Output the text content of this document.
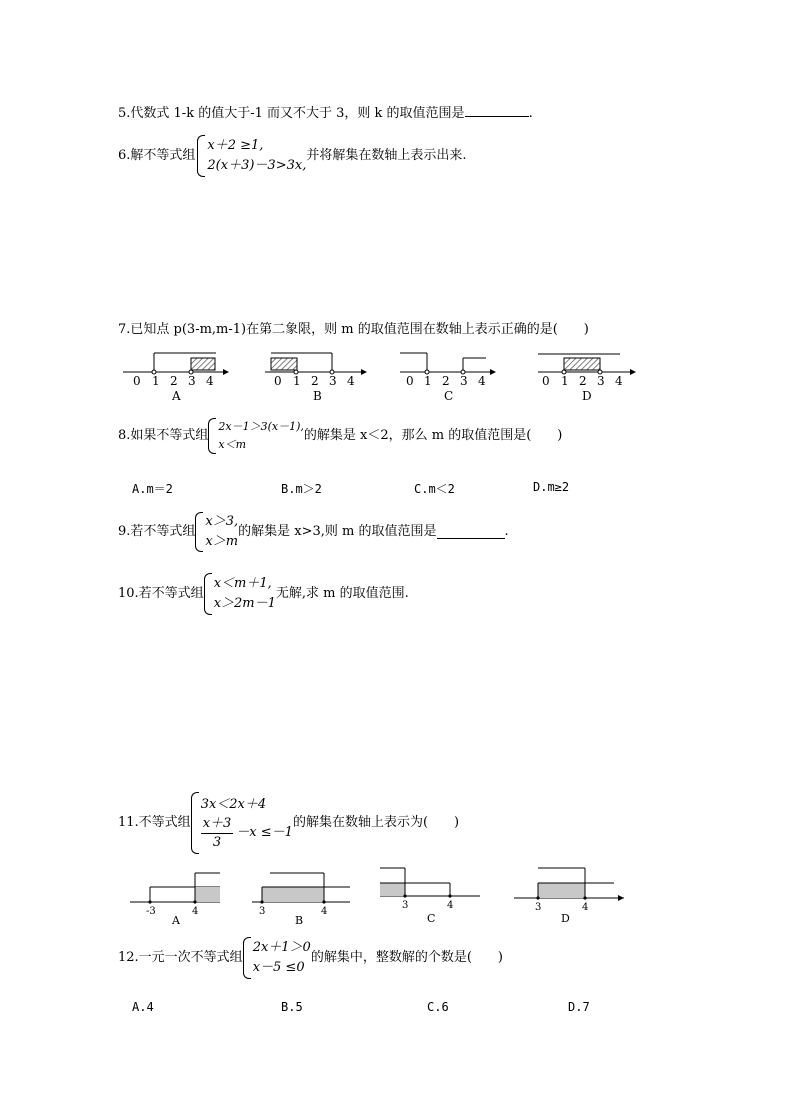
5.代数式 1-k 的值大于-1 而又不大于 3，则 k 的取值范围是	.
6.解不等式组
x＋2 ≥1,
2(x＋3)－3>3x,
并将解集在数轴上表示出来.
7.已知点 p(3-m,m-1)在第二象限，则 m 的取值范围在数轴上表示正确的是(　　)
0 1 2 3 4	0 1 2 3 4	0 1 2 3 4	0 1 2 3 4
A	B	C	D
8.如果不等式组
2x－1＞3(x－1),
x＜m
的解集是 x＜2，那么 m 的取值范围是(　　)
A.m＝2	B.m＞2	C.m＜2	D.m≥2
9.若不等式组
x＞3,
x＞m
的解集是 x>3,则 m 的取值范围是	.
10.若不等式组
x＜m＋1,
x＞2m－1
无解,求 m 的取值范围.
11.不等式组
3x＜2x＋4
$\frac{x+3}{3} -x \le-1$
的解集在数轴上表示为(　　)
-3	4	3	4
3	4	3	4
A	B	C	D
12.一元一次不等式组
2x＋1＞0
x－5 ≤0
的解集中，整数解的个数是(　　)
A.4	B.5	C.6	D.7
